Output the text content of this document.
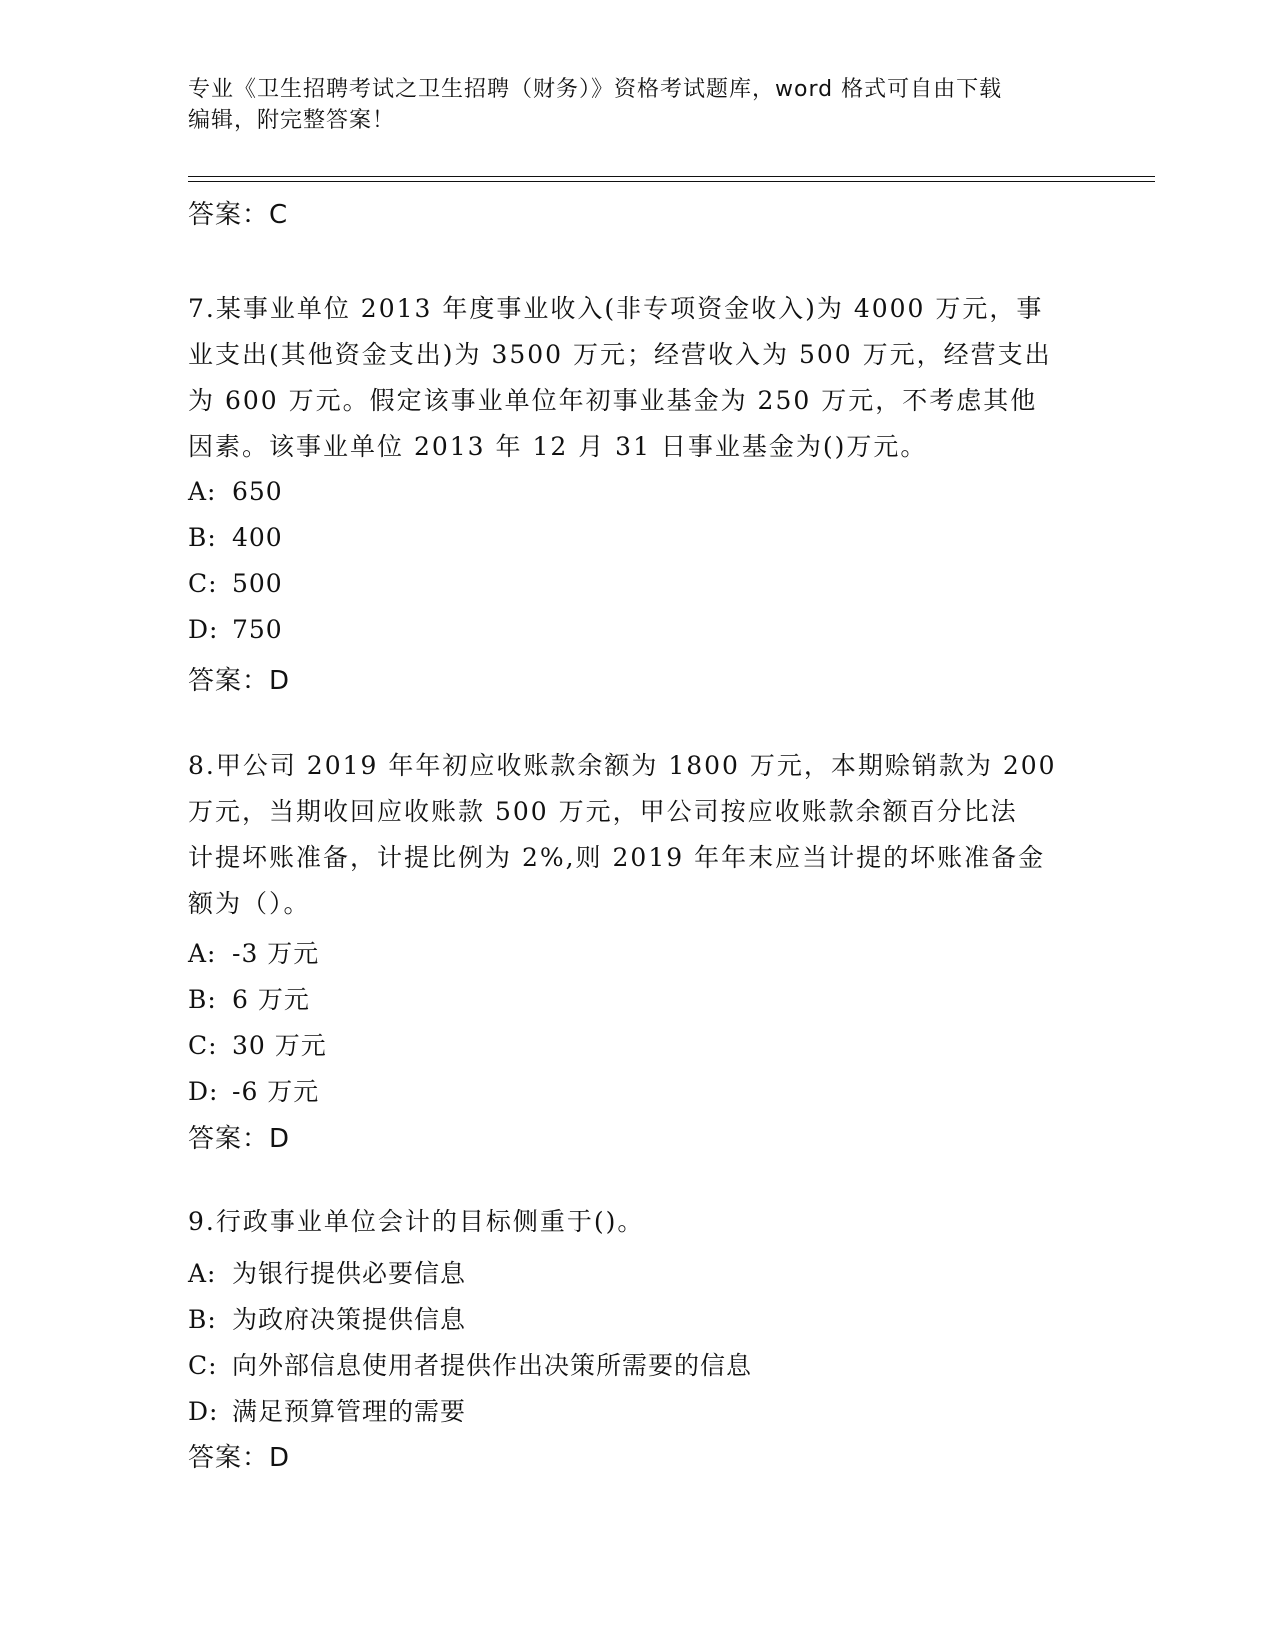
专业《卫生招聘考试之卫生招聘（财务）》资格考试题库，word 格式可自由下载
编辑，附完整答案！
答案：C
7.某事业单位 2013 年度事业收入(非专项资金收入)为 4000 万元，事
业支出(其他资金支出)为 3500 万元；经营收入为 500 万元，经营支出
为 600 万元。假定该事业单位年初事业基金为 250 万元，不考虑其他
因素。该事业单位 2013 年 12 月 31 日事业基金为()万元。
A: 650
B: 400
C: 500
D: 750
答案：D
8.甲公司 2019 年年初应收账款余额为 1800 万元，本期赊销款为 200
万元，当期收回应收账款 500 万元，甲公司按应收账款余额百分比法
计提坏账准备，计提比例为 2%,则 2019 年年末应当计提的坏账准备金
额为（）。
A: -3 万元
B: 6 万元
C: 30 万元
D: -6 万元
答案：D
9.行政事业单位会计的目标侧重于()。
A: 为银行提供必要信息
B: 为政府决策提供信息
C: 向外部信息使用者提供作出决策所需要的信息
D: 满足预算管理的需要
答案：D
